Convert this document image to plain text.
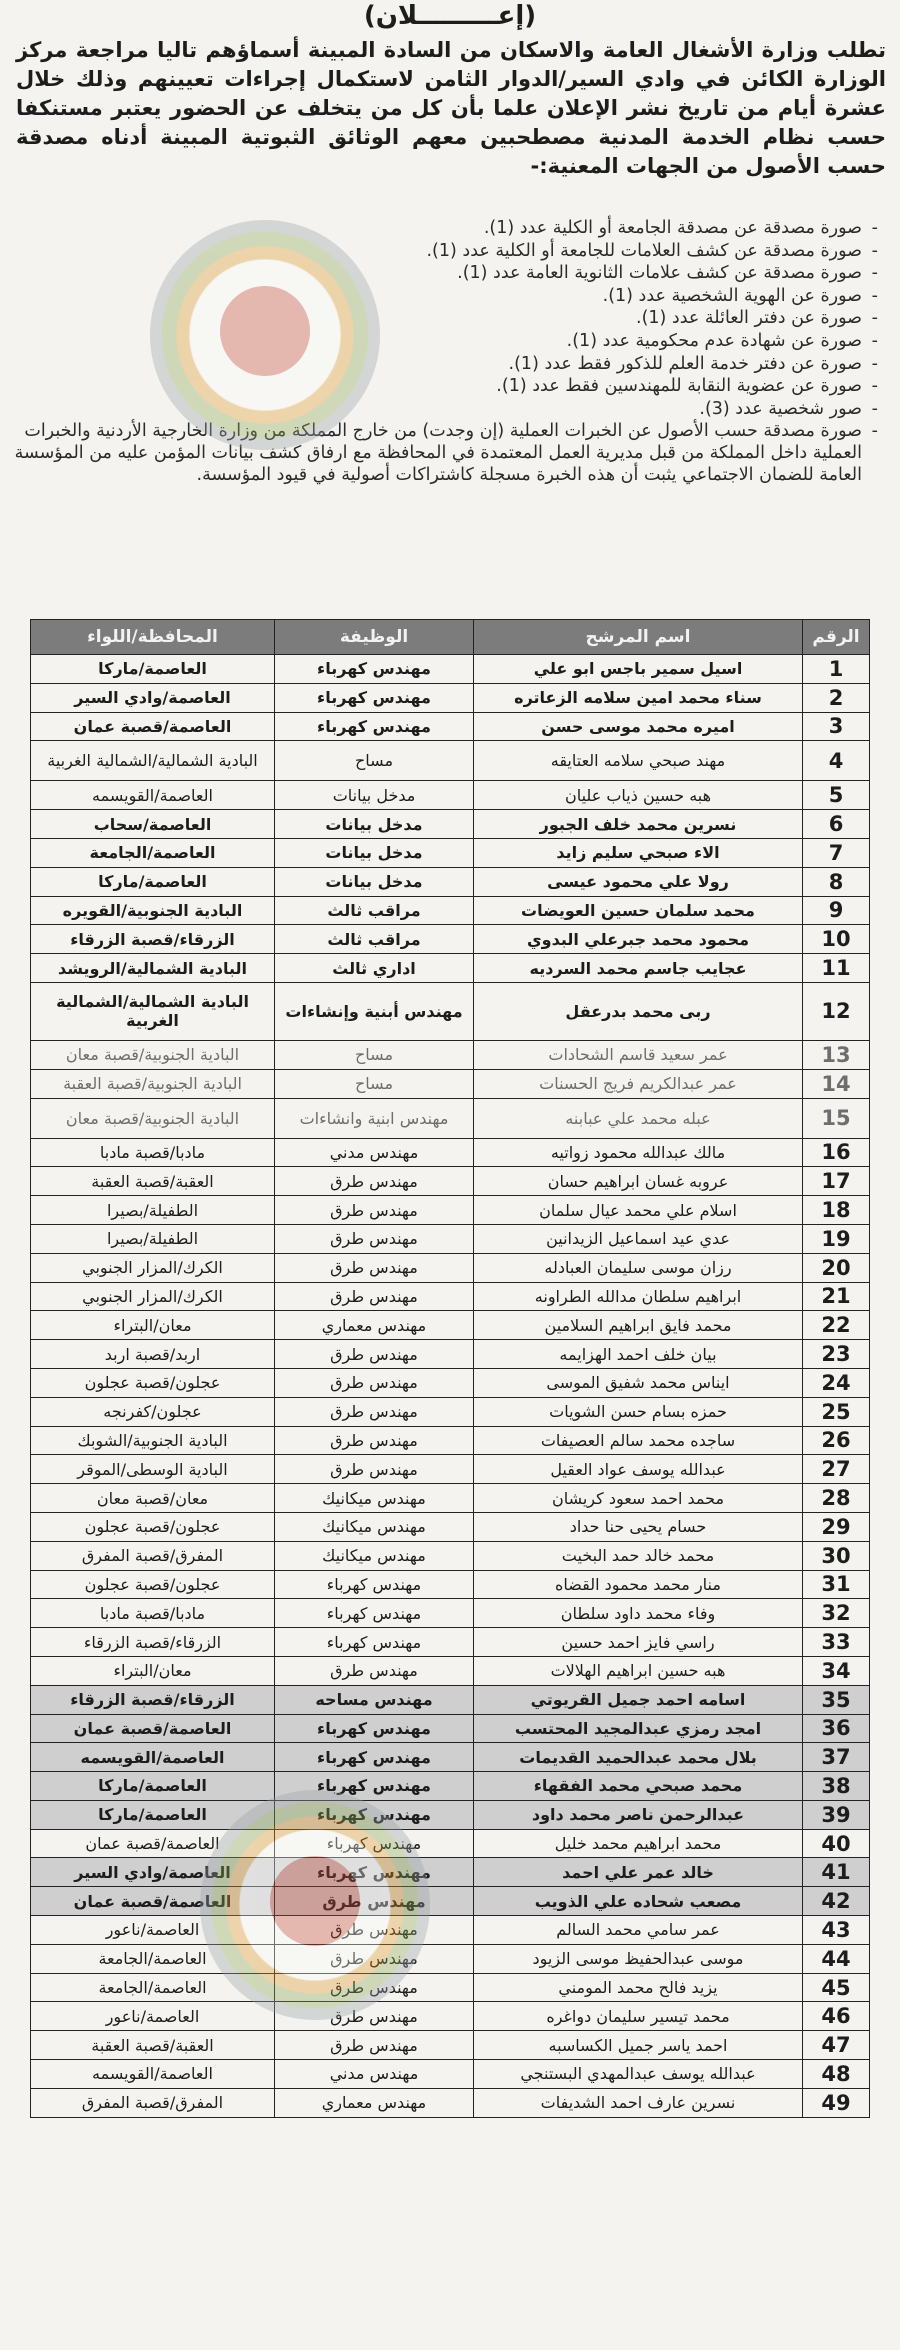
(إعـــــــــلان)
تطلب وزارة الأشغال العامة والاسكان من السادة المبينة أسماؤهم تاليا مراجعة مركز الوزارة الكائن في وادي السير/الدوار الثامن لاستكمال إجراءات تعيينهم وذلك خلال عشرة أيام من تاريخ نشر الإعلان علما بأن كل من يتخلف عن الحضور يعتبر مستنكفا حسب نظام الخدمة المدنية مصطحبين معهم الوثائق الثبوتية المبينة أدناه مصدقة حسب الأصول من الجهات المعنية:-
- صورة مصدقة عن مصدقة الجامعة أو الكلية عدد (1).
- صورة مصدقة عن كشف العلامات للجامعة أو الكلية عدد (1).
- صورة مصدقة عن كشف علامات الثانوية العامة عدد (1).
- صورة عن الهوية الشخصية عدد (1).
- صورة عن دفتر العائلة عدد (1).
- صورة عن شهادة عدم محكومية عدد (1).
- صورة عن دفتر خدمة العلم للذكور فقط عدد (1).
- صورة عن عضوية النقابة للمهندسين فقط عدد (1).
- صور شخصية عدد (3).
- صورة مصدقة حسب الأصول عن الخبرات العملية (إن وجدت) من خارج المملكة من وزارة الخارجية الأردنية والخبرات العملية داخل المملكة من قبل مديرية العمل المعتمدة في المحافظة مع ارفاق كشف بيانات المؤمن عليه من المؤسسة العامة للضمان الاجتماعي يثبت أن هذه الخبرة مسجلة كاشتراكات أصولية في قيود المؤسسة.
الرقم	اسم المرشح	الوظيفة	المحافظة/اللواء
1	اسيل سمير باجس ابو علي	مهندس كهرباء	العاصمة/ماركا
2	سناء محمد امين سلامه الزعاتره	مهندس كهرباء	العاصمة/وادي السير
3	اميره محمد موسى حسن	مهندس كهرباء	العاصمة/قصبة عمان
4	مهند صبحي سلامه العتايقه	مساح	البادية الشمالية/الشمالية الغربية
5	هبه حسين ذياب عليان	مدخل بيانات	العاصمة/القويسمه
6	نسرين محمد خلف الجبور	مدخل بيانات	العاصمة/سحاب
7	الاء صبحي سليم زايد	مدخل بيانات	العاصمة/الجامعة
8	رولا علي محمود عيسى	مدخل بيانات	العاصمة/ماركا
9	محمد سلمان حسين العويضات	مراقب ثالث	البادية الجنوبية/القويره
10	محمود محمد جبرعلي البدوي	مراقب ثالث	الزرقاء/قصبة الزرقاء
11	عجايب جاسم محمد السرديه	اداري ثالث	البادية الشمالية/الرويشد
12	ربى محمد بدرعقل	مهندس أبنية وإنشاءات	البادية الشمالية/الشمالية الغربية
13	عمر سعيد قاسم الشحادات	مساح	البادية الجنوبية/قصبة معان
14	عمر عبدالكريم فريج الحسنات	مساح	البادية الجنوبية/قصبة العقبة
15	عبله محمد علي عبابنه	مهندس ابنية وانشاءات	البادية الجنوبية/قصبة معان
16	مالك عبدالله محمود زواتيه	مهندس مدني	مادبا/قصبة مادبا
17	عروبه غسان ابراهيم حسان	مهندس طرق	العقبة/قصبة العقبة
18	اسلام علي محمد عيال سلمان	مهندس طرق	الطفيلة/بصيرا
19	عدي عيد اسماعيل الزيدانين	مهندس طرق	الطفيلة/بصيرا
20	رزان موسى سليمان العبادله	مهندس طرق	الكرك/المزار الجنوبي
21	ابراهيم سلطان مدالله الطراونه	مهندس طرق	الكرك/المزار الجنوبي
22	محمد فايق ابراهيم السلامين	مهندس معماري	معان/البتراء
23	بيان خلف احمد الهزايمه	مهندس طرق	اربد/قصبة اربد
24	ايناس محمد شفيق الموسى	مهندس طرق	عجلون/قصبة عجلون
25	حمزه بسام حسن الشويات	مهندس طرق	عجلون/كفرنجه
26	ساجده محمد سالم العصيفات	مهندس طرق	البادية الجنوبية/الشوبك
27	عبدالله يوسف عواد العقيل	مهندس طرق	البادية الوسطى/الموقر
28	محمد احمد سعود كريشان	مهندس ميكانيك	معان/قصبة معان
29	حسام يحيى حنا حداد	مهندس ميكانيك	عجلون/قصبة عجلون
30	محمد خالد حمد البخيت	مهندس ميكانيك	المفرق/قصبة المفرق
31	منار محمد محمود القضاه	مهندس كهرباء	عجلون/قصبة عجلون
32	وفاء محمد داود سلطان	مهندس كهرباء	مادبا/قصبة مادبا
33	راسي فايز احمد حسين	مهندس كهرباء	الزرقاء/قصبة الزرقاء
34	هبه حسين ابراهيم الهلالات	مهندس طرق	معان/البتراء
35	اسامه احمد جميل القريوتي	مهندس مساحه	الزرقاء/قصبة الزرقاء
36	امجد رمزي عبدالمجيد المحتسب	مهندس كهرباء	العاصمة/قصبة عمان
37	بلال محمد عبدالحميد القديمات	مهندس كهرباء	العاصمة/القويسمه
38	محمد صبحي محمد الفقهاء	مهندس كهرباء	العاصمة/ماركا
39	عبدالرحمن ناصر محمد داود	مهندس كهرباء	العاصمة/ماركا
40	محمد ابراهيم محمد خليل	مهندس كهرباء	العاصمة/قصبة عمان
41	خالد عمر علي احمد	مهندس كهرباء	العاصمة/وادي السير
42	مصعب شحاده علي الذويب	مهندس طرق	العاصمة/قصبة عمان
43	عمر سامي محمد السالم	مهندس طرق	العاصمة/ناعور
44	موسى عبدالحفيظ موسى الزيود	مهندس طرق	العاصمة/الجامعة
45	يزيد فالح محمد المومني	مهندس طرق	العاصمة/الجامعة
46	محمد تيسير سليمان دواغره	مهندس طرق	العاصمة/ناعور
47	احمد ياسر جميل الكساسبه	مهندس طرق	العقبة/قصبة العقبة
48	عبدالله يوسف عبدالمهدي البستنجي	مهندس مدني	العاصمة/القويسمه
49	نسرين عارف احمد الشديفات	مهندس معماري	المفرق/قصبة المفرق
